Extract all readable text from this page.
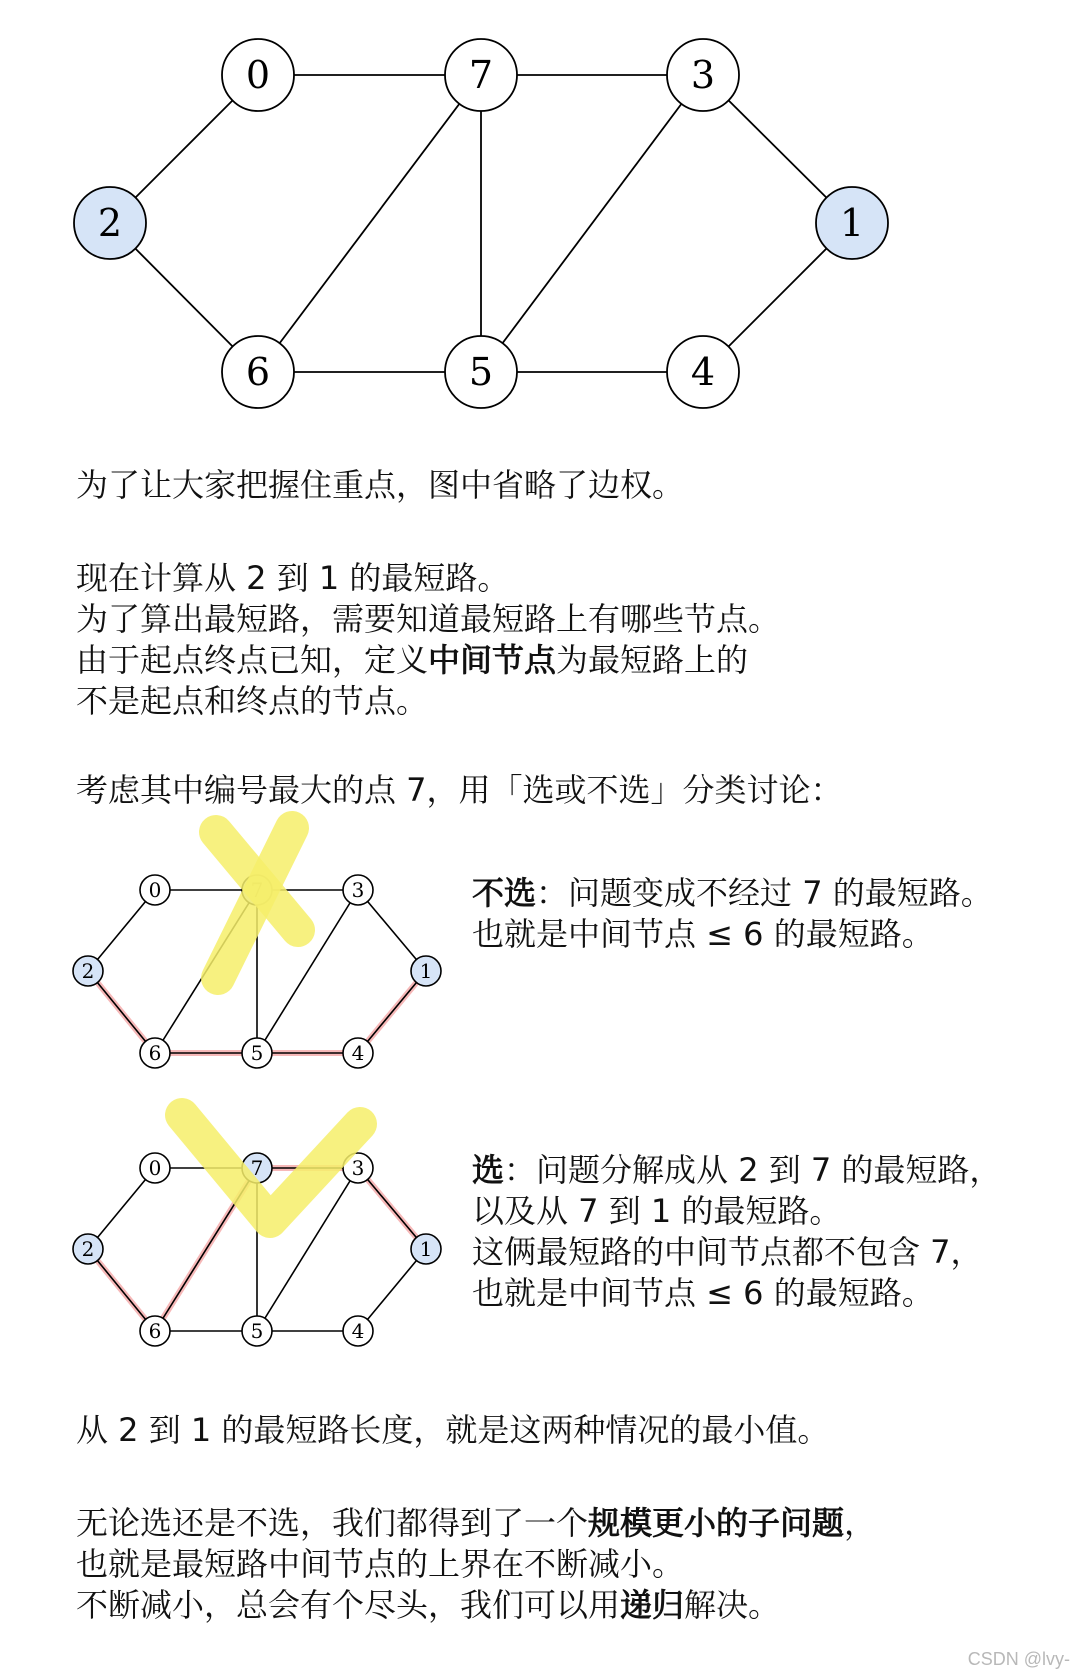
0	7	3
2	1
6	5	4
0	7	3
2	1
6	5	4
0	7	3
2	1
6	5	4

为了让大家把握住重点，图中省略了边权。

现在计算从 2 到 1 的最短路。
为了算出最短路，需要知道最短路上有哪些节点。
由于起点终点已知，定义中间节点为最短路上的
不是起点和终点的节点。

考虑其中编号最大的点 7，用「选或不选」分类讨论：

不选：问题变成不经过 7 的最短路。
也就是中间节点 ≤ 6 的最短路。
选：问题分解成从 2 到 7 的最短路，
以及从 7 到 1 的最短路。
这俩最短路的中间节点都不包含 7，
也就是中间节点 ≤ 6 的最短路。

从 2 到 1 的最短路长度，就是这两种情况的最小值。

无论选还是不选，我们都得到了一个规模更小的子问题，
也就是最短路中间节点的上界在不断减小。
不断减小，总会有个尽头，我们可以用递归解决。
CSDN @lvy-
